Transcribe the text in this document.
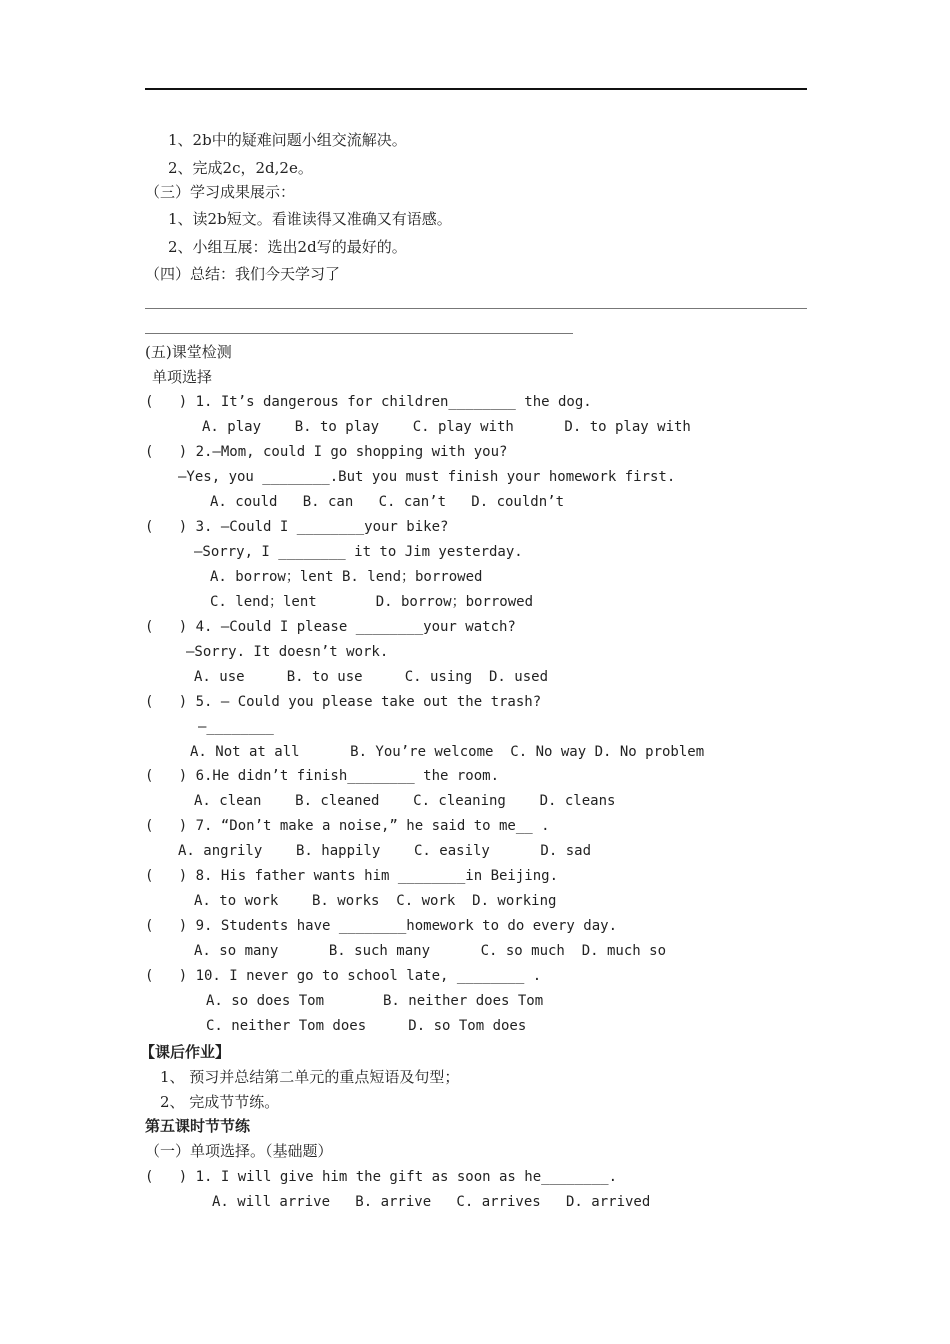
1、2b中的疑难问题小组交流解决。
2、完成2c，2d,2e。
（三）学习成果展示：
1、读2b短文。看谁读得又准确又有语感。
2、小组互展：选出2d写的最好的。
（四）总结：我们今天学习了
(五)课堂检测
单项选择
(   ) 1. It’s dangerous for children________ the dog.
A. play    B. to play    C. play with      D. to play with
(   ) 2.—Mom, could I go shopping with you?
—Yes, you ________.But you must finish your homework first.
A. could   B. can   C. can’t   D. couldn’t
(   ) 3. —Could I ________your bike?
—Sorry, I ________ it to Jim yesterday.
A. borrow；lent B. lend；borrowed
C. lend；lent       D. borrow；borrowed
(   ) 4. —Could I please ________your watch?
—Sorry. It doesn’t work.
A. use     B. to use     C. using  D. used
(   ) 5. — Could you please take out the trash?
—________
A. Not at all      B. You’re welcome  C. No way D. No problem
(   ) 6.He didn’t finish________ the room.
A. clean    B. cleaned    C. cleaning    D. cleans
(   ) 7. “Don’t make a noise,” he said to me__ .
A. angrily    B. happily    C. easily      D. sad
(   ) 8. His father wants him ________in Beijing.
A. to work    B. works  C. work  D. working
(   ) 9. Students have ________homework to do every day.
A. so many      B. such many      C. so much  D. much so
(   ) 10. I never go to school late, ________ .
A. so does Tom       B. neither does Tom
C. neither Tom does     D. so Tom does
【课后作业】
1、 预习并总结第二单元的重点短语及句型；
2、 完成节节练。
第五课时节节练
（一）单项选择。（基础题）
(   ) 1. I will give him the gift as soon as he________.
A. will arrive   B. arrive   C. arrives   D. arrived
